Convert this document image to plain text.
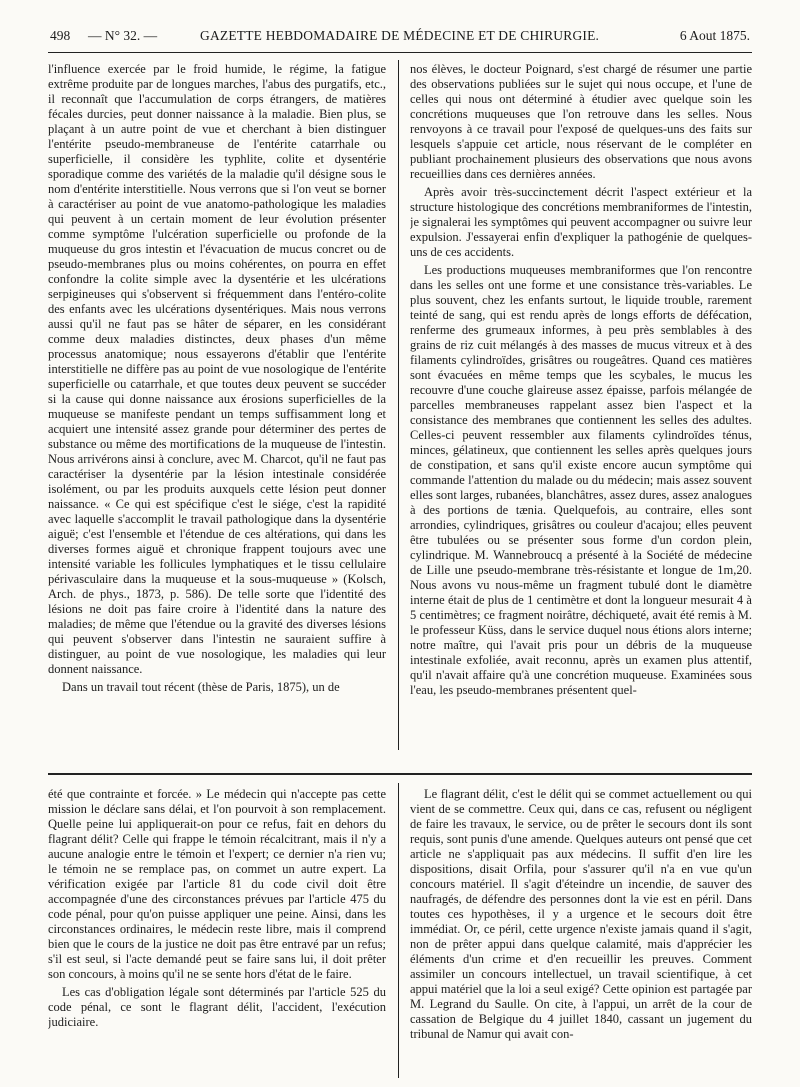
498 — N° 32. —	GAZETTE HEBDOMADAIRE DE MÉDECINE ET DE CHIRURGIE.	6 Aout 1875.

l'influence exercée par le froid humide, le régime, la fatigue extrême produite par de longues marches, l'abus des purgatifs, etc., il reconnaît que l'accumulation de corps étrangers, de matières fécales durcies, peut donner naissance à la maladie. Bien plus, se plaçant à un autre point de vue et cherchant à bien distinguer l'entérite pseudo-membraneuse de l'entérite catarrhale ou superficielle, il considère les typhlite, colite et dysentérie sporadique comme des variétés de la maladie qu'il désigne sous le nom d'entérite interstitielle. Nous verrons que si l'on veut se borner à caractériser au point de vue anatomo-pathologique les maladies qui peuvent à un certain moment de leur évolution présenter comme symptôme l'ulcération superficielle ou profonde de la muqueuse du gros intestin et l'évacuation de mucus concret ou de pseudo-membranes plus ou moins cohérentes, on pourra en effet confondre la colite simple avec la dysentérie et les ulcérations serpigineuses qui s'observent si fréquemment dans l'entéro-colite des enfants avec les ulcérations dysentériques. Mais nous verrons aussi qu'il ne faut pas se hâter de séparer, en les considérant comme deux maladies distinctes, deux phases d'un même processus anatomique; nous essayerons d'établir que l'entérite interstitielle ne diffère pas au point de vue nosologique de l'entérite superficielle ou catarrhale, et que toutes deux peuvent se succéder si la cause qui donne naissance aux érosions superficielles de la muqueuse se manifeste pendant un temps suffisamment long et acquiert une intensité assez grande pour déterminer des pertes de substance ou même des mortifications de la muqueuse de l'intestin. Nous arrivérons ainsi à conclure, avec M. Charcot, qu'il ne faut pas caractériser la dysentérie par la lésion intestinale considérée isolément, ou par les produits auxquels cette lésion peut donner naissance. « Ce qui est spécifique c'est le siége, c'est la rapidité avec laquelle s'accomplit le travail pathologique dans la dysentérie aiguë; c'est l'ensemble et l'étendue de ces altérations, qui dans les diverses formes aiguë et chronique frappent toujours avec une intensité variable les follicules lymphatiques et le tissu cellulaire périvasculaire dans la muqueuse et la sous-muqueuse » (Kolsch, Arch. de phys., 1873, p. 586). De telle sorte que l'identité des lésions ne doit pas faire croire à l'identité dans la nature des maladies; de même que l'étendue ou la gravité des diverses lésions qui peuvent s'observer dans l'intestin ne sauraient suffire à distinguer, au point de vue nosologique, les maladies qui leur donnent naissance.

Dans un travail tout récent (thèse de Paris, 1875), un de

nos élèves, le docteur Poignard, s'est chargé de résumer une partie des observations publiées sur le sujet qui nous occupe, et l'une de celles qui nous ont déterminé à étudier avec quelque soin les concrétions muqueuses que l'on retrouve dans les selles. Nous renvoyons à ce travail pour l'exposé de quelques-uns des faits sur lesquels s'appuie cet article, nous réservant de le compléter en publiant prochainement plusieurs des observations que nous avons recueillies dans ces dernières années.

Après avoir très-succinctement décrit l'aspect extérieur et la structure histologique des concrétions membraniformes de l'intestin, je signalerai les symptômes qui peuvent accompagner ou suivre leur expulsion. J'essayerai enfin d'expliquer la pathogénie de quelques-uns de ces accidents.

Les productions muqueuses membraniformes que l'on rencontre dans les selles ont une forme et une consistance très-variables. Le plus souvent, chez les enfants surtout, le liquide trouble, rarement teinté de sang, qui est rendu après de longs efforts de défécation, renferme des grumeaux informes, à peu près semblables à des grains de riz cuit mélangés à des masses de mucus vitreux et à des filaments cylindroïdes, grisâtres ou rougeâtres. Quand ces matières sont évacuées en même temps que les scybales, le mucus les recouvre d'une couche glaireuse assez épaisse, parfois mélangée de parcelles membraneuses rappelant assez bien l'aspect et la consistance des membranes que contiennent les selles des adultes. Celles-ci peuvent ressembler aux filaments cylindroïdes ténus, minces, gélatineux, que contiennent les selles après quelques jours de constipation, et sans qu'il existe encore aucun symptôme qui commande l'attention du malade ou du médecin; mais assez souvent elles sont larges, rubanées, blanchâtres, assez dures, assez analogues à des portions de tænia. Quelquefois, au contraire, elles sont arrondies, cylindriques, grisâtres ou couleur d'acajou; elles peuvent être tubulées ou se présenter sous forme d'un cordon plein, cylindrique. M. Wannebroucq a présenté à la Société de médecine de Lille une pseudo-membrane très-résistante et longue de 1m,20. Nous avons vu nous-même un fragment tubulé dont le diamètre interne était de plus de 1 centimètre et dont la longueur mesurait 4 à 5 centimètres; ce fragment noirâtre, déchiqueté, avait été remis à M. le professeur Küss, dans le service duquel nous étions alors interne; notre maître, qui l'avait pris pour un débris de la muqueuse intestinale exfoliée, avait reconnu, après un examen plus attentif, qu'il n'avait affaire qu'à une concrétion muqueuse. Examinées sous l'eau, les pseudo-membranes présentent quel-

été que contrainte et forcée. » Le médecin qui n'accepte pas cette mission le déclare sans délai, et l'on pourvoit à son remplacement. Quelle peine lui appliquerait-on pour ce refus, fait en dehors du flagrant délit? Celle qui frappe le témoin récalcitrant, mais il n'y a aucune analogie entre le témoin et l'expert; ce dernier n'a rien vu; le témoin ne se remplace pas, on commet un autre expert. La vérification exigée par l'article 81 du code civil doit être accompagnée d'une des circonstances prévues par l'article 475 du code pénal, pour qu'on puisse appliquer une peine. Ainsi, dans les circonstances ordinaires, le médecin reste libre, mais il comprend bien que le cours de la justice ne doit pas être entravé par un refus; s'il est seul, si l'acte demandé peut se faire sans lui, il doit prêter son concours, à moins qu'il ne se sente hors d'état de le faire.

Les cas d'obligation légale sont déterminés par l'article 525 du code pénal, ce sont le flagrant délit, l'accident, l'exécution judiciaire.

Le flagrant délit, c'est le délit qui se commet actuellement ou qui vient de se commettre. Ceux qui, dans ce cas, refusent ou négligent de faire les travaux, le service, ou de prêter le secours dont ils sont requis, sont punis d'une amende. Quelques auteurs ont pensé que cet article ne s'appliquait pas aux médecins. Il suffit d'en lire les dispositions, disait Orfila, pour s'assurer qu'il n'a en vue qu'un concours matériel. Il s'agit d'éteindre un incendie, de sauver des naufragés, de défendre des personnes dont la vie est en péril. Dans toutes ces hypothèses, il y a urgence et le secours doit être immédiat. Or, ce péril, cette urgence n'existe jamais quand il s'agit, non de prêter appui dans quelque calamité, mais d'apprécier les éléments d'un crime et d'en recueillir les preuves. Comment assimiler un concours intellectuel, un travail scientifique, à cet appui matériel que la loi a seul exigé? Cette opinion est partagée par M. Legrand du Saulle. On cite, à l'appui, un arrêt de la cour de cassation de Belgique du 4 juillet 1840, cassant un jugement du tribunal de Namur qui avait con-
